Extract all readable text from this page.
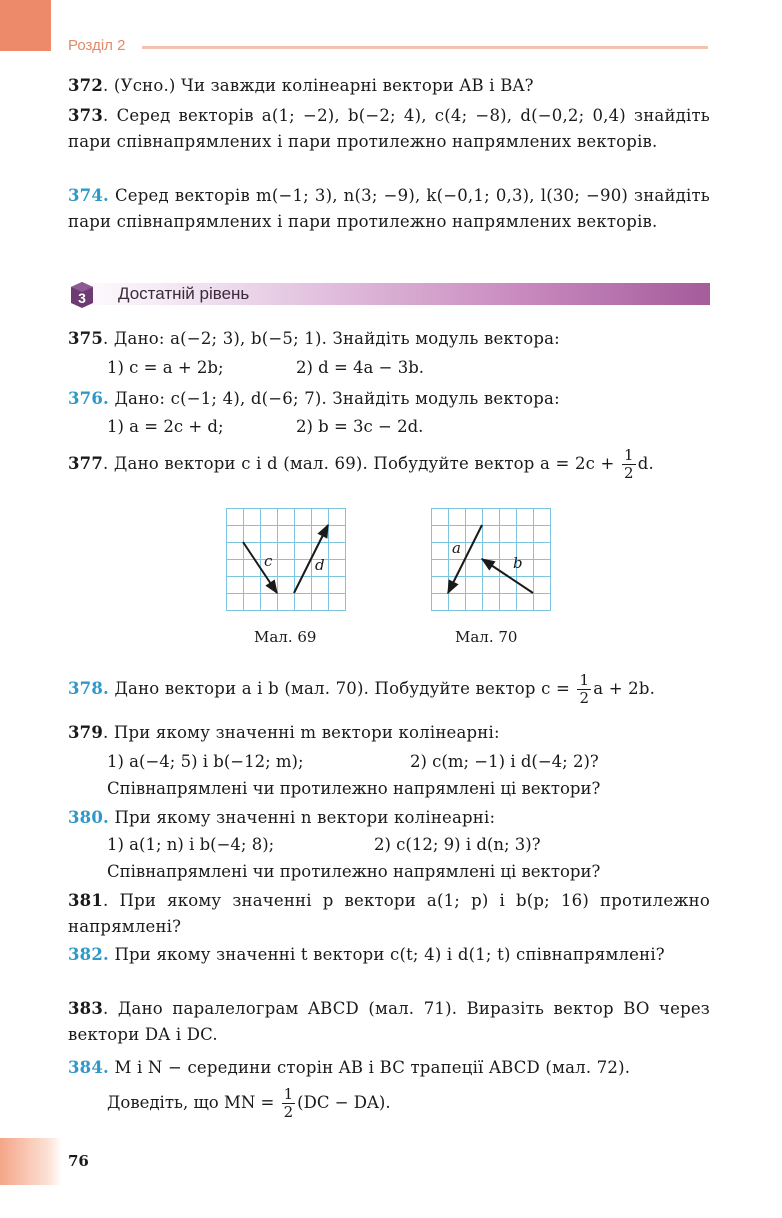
Розділ 2
372. (Усно.) Чи завжди колінеарні вектори AB і BA?
373. Серед векторів a(1; −2), b(−2; 4), c(4; −8), d(−0,2; 0,4) знайдіть пари співнапрямлених і пари протилежно напрямлених векторів.
374. Серед векторів m(−1; 3), n(3; −9), k(−0,1; 0,3), l(30; −90) знайдіть пари співнапрямлених і пари протилежно напрямлених векторів.
3 Достатній рівень
375. Дано: a(−2; 3), b(−5; 1). Знайдіть модуль вектора:
1) c = a + 2b;	2) d = 4a − 3b.
376. Дано: c(−1; 4), d(−6; 7). Знайдіть модуль вектора:
1) a = 2c + d;	2) b = 3c − 2d.
377. Дано вектори c і d (мал. 69). Побудуйте вектор $a = 2c + \frac{1}{2} d$.
c	d
Мал. 69
a
b
Мал. 70
378. Дано вектори a і b (мал. 70). Побудуйте вектор $c = \frac{1}{2}$ a + 2b.
379. При якому значенні m вектори колінеарні:
1) a(−4; 5) і b(−12; m);	2) c(m; −1) і d(−4; 2)?
Співнапрямлені чи протилежно напрямлені ці вектори?
380. При якому значенні n вектори колінеарні:
1) a(1; n) і b(−4; 8);	2) c(12; 9) і d(n; 3)?
Співнапрямлені чи протилежно напрямлені ці вектори?
381. При якому значенні p вектори a(1; p) і b(p; 16) протилежно напрямлені?
382. При якому значенні t вектори c(t; 4) і d(1; t) співнапрямлені?
383. Дано паралелограм ABCD (мал. 71). Виразіть вектор BO через вектори DA і DC.
384. M і N − середини сторін AB і BC трапеції ABCD (мал. 72).
Доведіть, що MN = $\frac{1}{2} (DC - DA)$.
76
